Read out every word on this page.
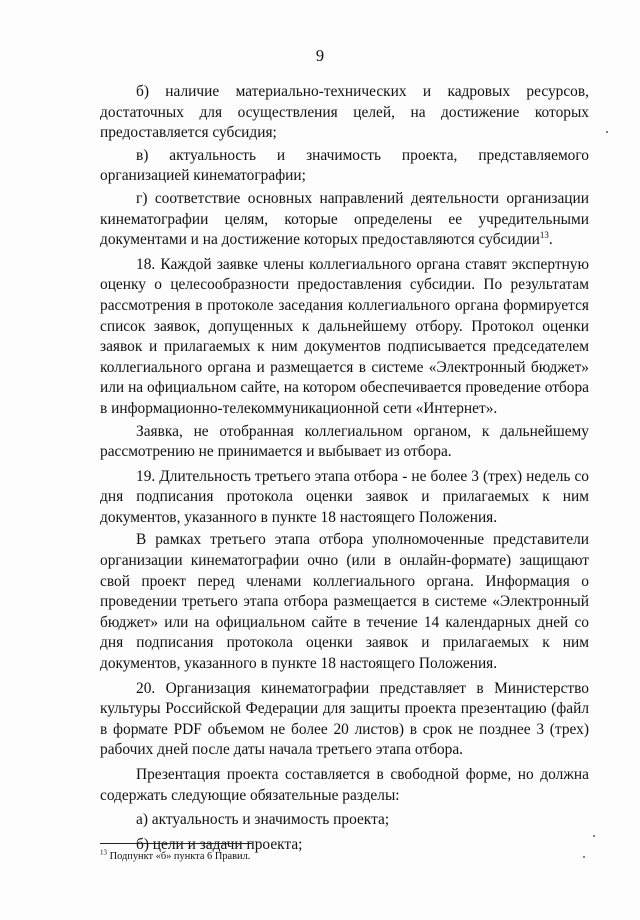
9

б) наличие материально-технических и кадровых ресурсов, достаточных для осуществления целей, на достижение которых предоставляется субсидия;

в) актуальность и значимость проекта, представляемого организацией кинематографии;

г) соответствие основных направлений деятельности организации кинематографии целям, которые определены ее учредительными документами и на достижение которых предоставляются субсидии$^{13}$.

18. Каждой заявке члены коллегиального органа ставят экспертную оценку о целесообразности предоставления субсидии. По результатам рассмотрения в протоколе заседания коллегиального органа формируется список заявок, допущенных к дальнейшему отбору. Протокол оценки заявок и прилагаемых к ним документов подписывается председателем коллегиального органа и размещается в системе «Электронный бюджет» или на официальном сайте, на котором обеспечивается проведение отбора в информационно-телекоммуникационной сети «Интернет».

Заявка, не отобранная коллегиальном органом, к дальнейшему рассмотрению не принимается и выбывает из отбора.

19. Длительность третьего этапа отбора - не более 3 (трех) недель со дня подписания протокола оценки заявок и прилагаемых к ним документов, указанного в пункте 18 настоящего Положения.

В рамках третьего этапа отбора уполномоченные представители организации кинематографии очно (или в онлайн-формате) защищают свой проект перед членами коллегиального органа. Информация о проведении третьего этапа отбора размещается в системе «Электронный бюджет» или на официальном сайте в течение 14 календарных дней со дня подписания протокола оценки заявок и прилагаемых к ним документов, указанного в пункте 18 настоящего Положения.

20. Организация кинематографии представляет в Министерство культуры Российской Федерации для защиты проекта презентацию (файл в формате PDF объемом не более 20 листов) в срок не позднее 3 (трех) рабочих дней после даты начала третьего этапа отбора.

Презентация проекта составляется в свободной форме, но должна содержать следующие обязательные разделы:

а) актуальность и значимость проекта;

б) цели и задачи проекта;

$^{13}$ Подпункт «б» пункта 6 Правил.
